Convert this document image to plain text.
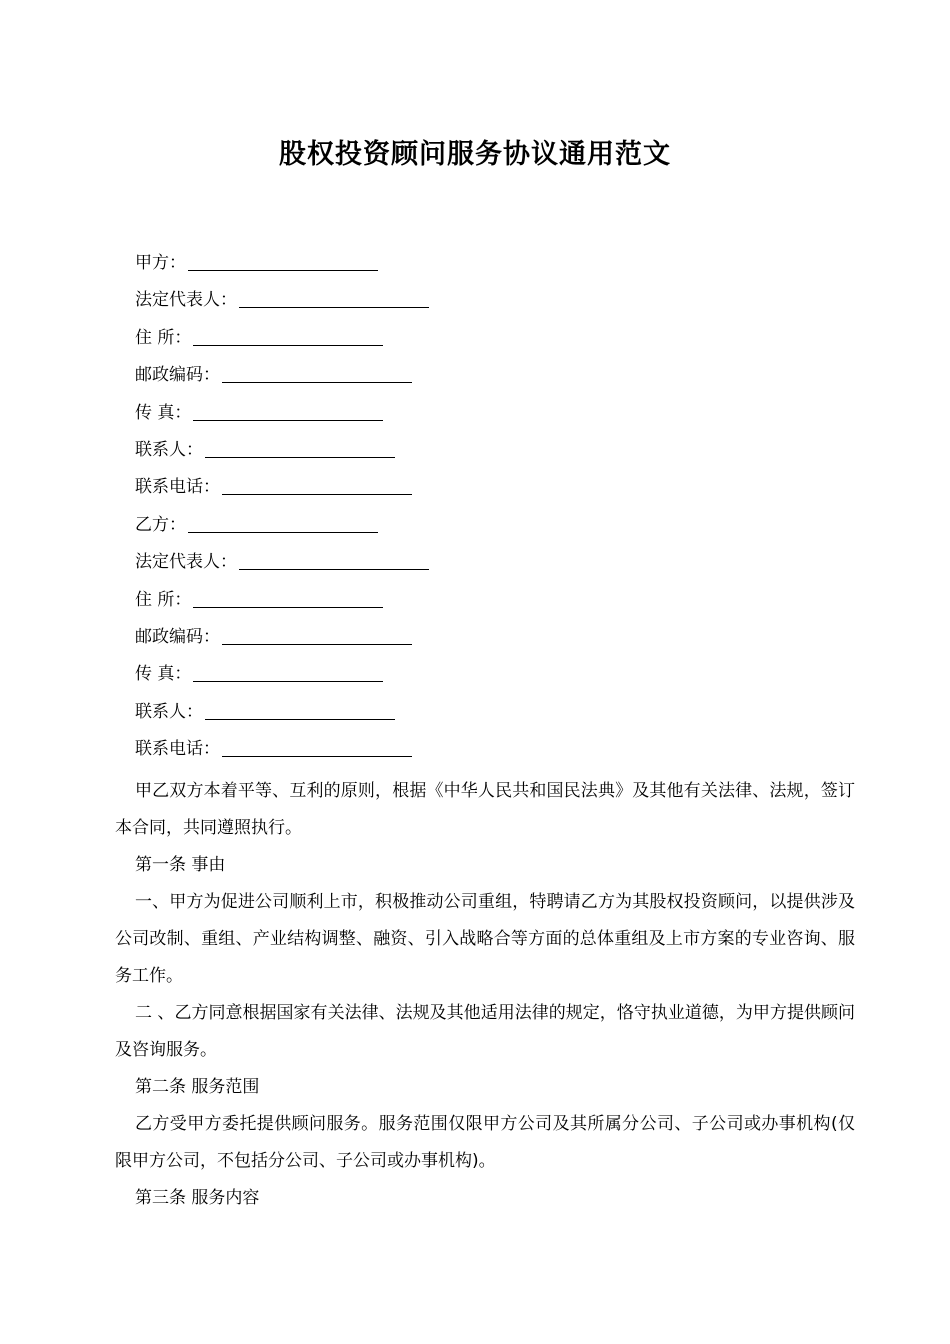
股权投资顾问服务协议通用范文
甲方：
法定代表人：
住 所：
邮政编码：
传 真：
联系人：
联系电话：
乙方：
法定代表人：
住 所：
邮政编码：
传 真：
联系人：
联系电话：

甲乙双方本着平等、互利的原则，根据《中华人民共和国民法典》及其他有关法律、法规，签订本合同，共同遵照执行。

第一条 事由

一、甲方为促进公司顺利上市，积极推动公司重组，特聘请乙方为其股权投资顾问，以提供涉及公司改制、重组、产业结构调整、融资、引入战略合等方面的总体重组及上市方案的专业咨询、服务工作。

二 、乙方同意根据国家有关法律、法规及其他适用法律的规定，恪守执业道德，为甲方提供顾问及咨询服务。

第二条 服务范围

乙方受甲方委托提供顾问服务。服务范围仅限甲方公司及其所属分公司、子公司或办事机构(仅限甲方公司，不包括分公司、子公司或办事机构)。

第三条 服务内容
